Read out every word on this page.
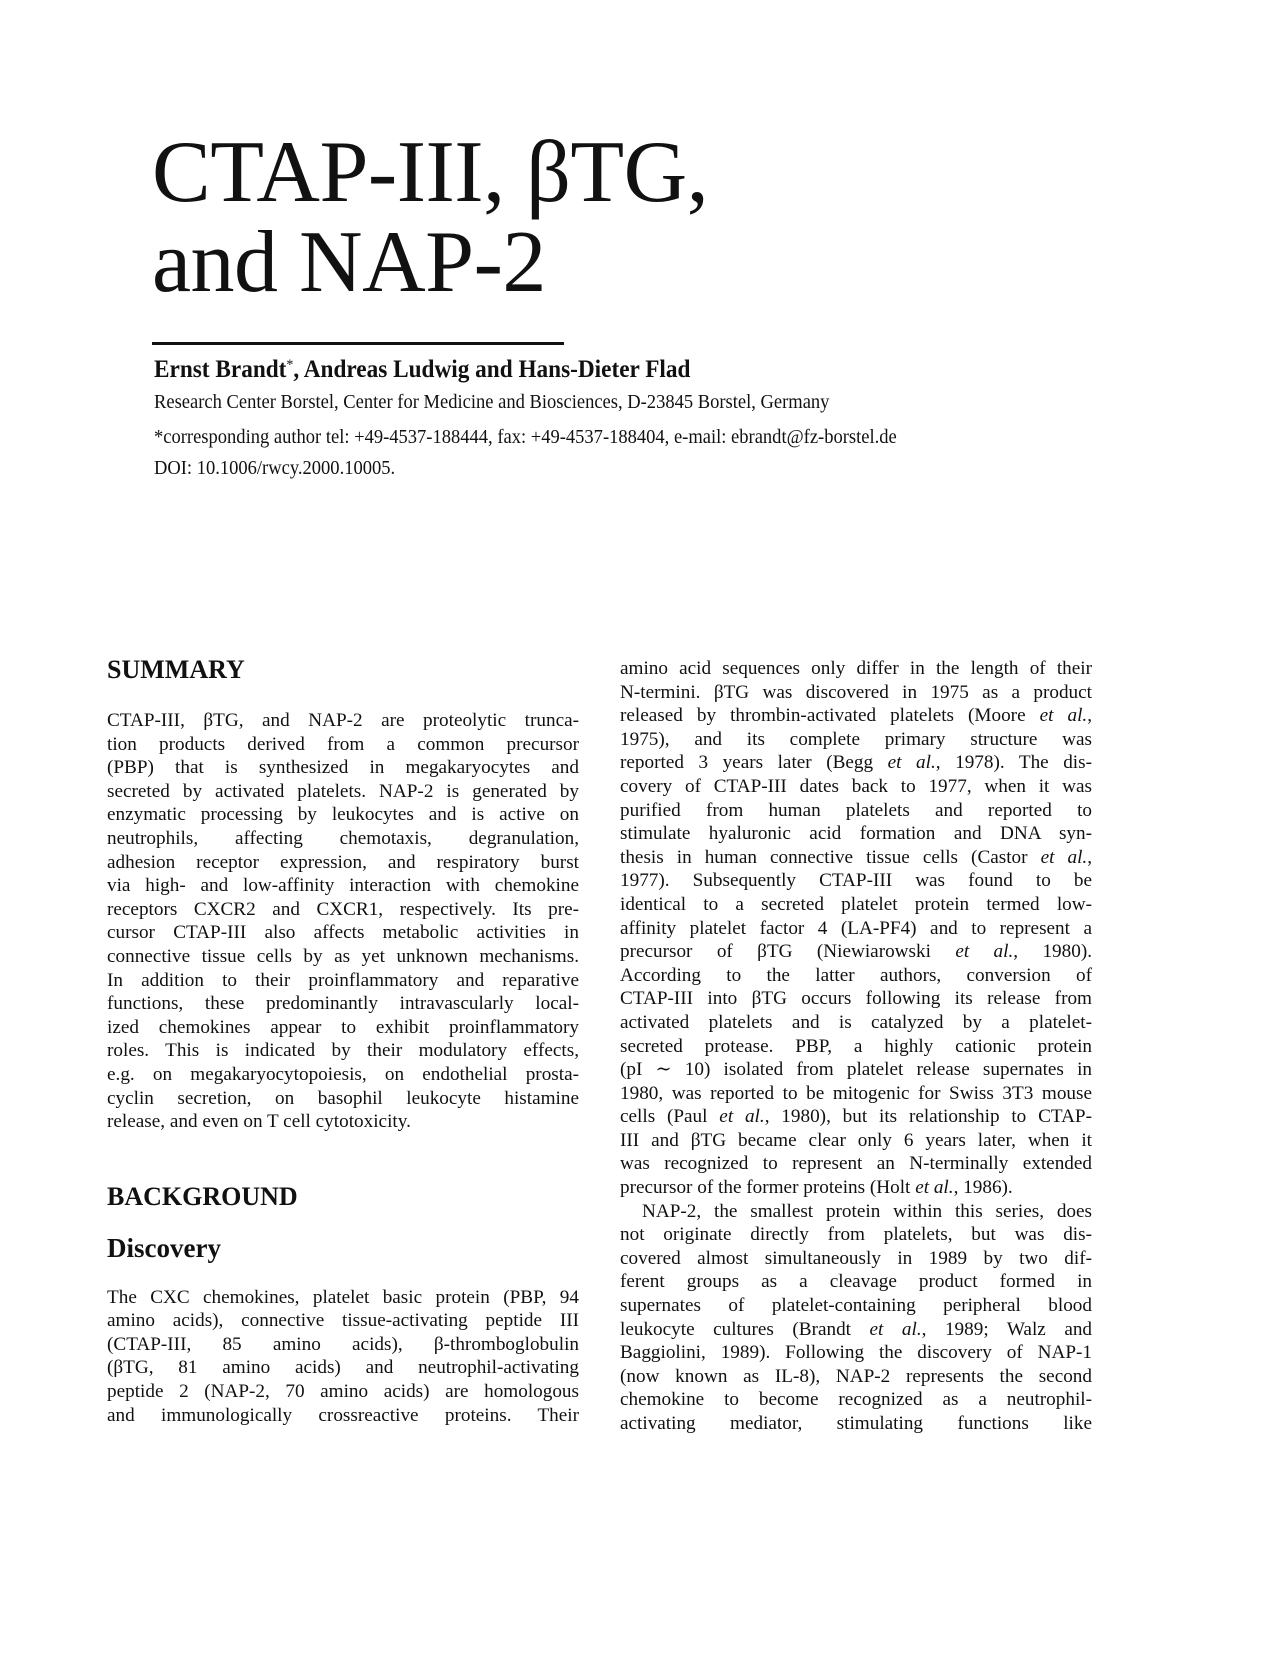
CTAP-III, βTG,
and NAP-2
Ernst Brandt*, Andreas Ludwig and Hans-Dieter Flad
Research Center Borstel, Center for Medicine and Biosciences, D-23845 Borstel, Germany
*corresponding author tel: +49-4537-188444, fax: +49-4537-188404, e-mail: ebrandt@fz-borstel.de
DOI: 10.1006/rwcy.2000.10005.
SUMMARY
CTAP-III, βTG, and NAP-2 are proteolytic trunca-
tion products derived from a common precursor
(PBP) that is synthesized in megakaryocytes and
secreted by activated platelets. NAP-2 is generated by
enzymatic processing by leukocytes and is active on
neutrophils, affecting chemotaxis, degranulation,
adhesion receptor expression, and respiratory burst
via high- and low-affinity interaction with chemokine
receptors CXCR2 and CXCR1, respectively. Its pre-
cursor CTAP-III also affects metabolic activities in
connective tissue cells by as yet unknown mechanisms.
In addition to their proinflammatory and reparative
functions, these predominantly intravascularly local-
ized chemokines appear to exhibit proinflammatory
roles. This is indicated by their modulatory effects,
e.g. on megakaryocytopoiesis, on endothelial prosta-
cyclin secretion, on basophil leukocyte histamine
release, and even on T cell cytotoxicity.
BACKGROUND
Discovery
The CXC chemokines, platelet basic protein (PBP, 94
amino acids), connective tissue-activating peptide III
(CTAP-III, 85 amino acids), β-thromboglobulin
(βTG, 81 amino acids) and neutrophil-activating
peptide 2 (NAP-2, 70 amino acids) are homologous
and immunologically crossreactive proteins. Their
amino acid sequences only differ in the length of their
N-termini. βTG was discovered in 1975 as a product
released by thrombin-activated platelets (Moore et al.,
1975), and its complete primary structure was
reported 3 years later (Begg et al., 1978). The dis-
covery of CTAP-III dates back to 1977, when it was
purified from human platelets and reported to
stimulate hyaluronic acid formation and DNA syn-
thesis in human connective tissue cells (Castor et al.,
1977). Subsequently CTAP-III was found to be
identical to a secreted platelet protein termed low-
affinity platelet factor 4 (LA-PF4) and to represent a
precursor of βTG (Niewiarowski et al., 1980).
According to the latter authors, conversion of
CTAP-III into βTG occurs following its release from
activated platelets and is catalyzed by a platelet-
secreted protease. PBP, a highly cationic protein
(pI ∼ 10) isolated from platelet release supernates in
1980, was reported to be mitogenic for Swiss 3T3 mouse
cells (Paul et al., 1980), but its relationship to CTAP-
III and βTG became clear only 6 years later, when it
was recognized to represent an N-terminally extended
precursor of the former proteins (Holt et al., 1986).
NAP-2, the smallest protein within this series, does
not originate directly from platelets, but was dis-
covered almost simultaneously in 1989 by two dif-
ferent groups as a cleavage product formed in
supernates of platelet-containing peripheral blood
leukocyte cultures (Brandt et al., 1989; Walz and
Baggiolini, 1989). Following the discovery of NAP-1
(now known as IL-8), NAP-2 represents the second
chemokine to become recognized as a neutrophil-
activating mediator, stimulating functions like
